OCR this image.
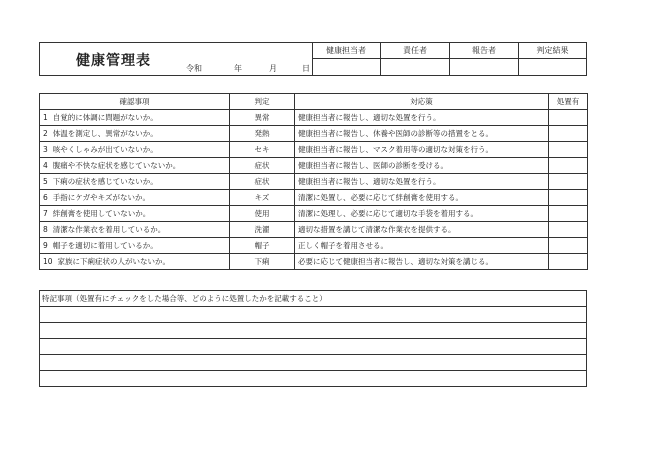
健康管理表	令和	年	月	日
健康担当者	責任者	報告者	判定結果
確認事項	判定	対応策	処置有
1 自覚的に体調に問題がないか。	異常	健康担当者に報告し、適切な処置を行う。	
2 体温を測定し、異常がないか。	発熱	健康担当者に報告し、休養や医師の診断等の措置をとる。	
3 咳やくしゃみが出ていないか。	セキ	健康担当者に報告し、マスク着用等の適切な対策を行う。	
4 腹痛や不快な症状を感じていないか。	症状	健康担当者に報告し、医師の診断を受ける。	
5 下痢の症状を感じていないか。	症状	健康担当者に報告し、適切な処置を行う。	
6 手指にケガやキズがないか。	キズ	清潔に処置し、必要に応じて絆創膏を使用する。	
7 絆創膏を使用していないか。	使用	清潔に処理し、必要に応じて適切な手袋を着用する。	
8 清潔な作業衣を着用しているか。	洗濯	適切な措置を講じて清潔な作業衣を提供する。	
9 帽子を適切に着用しているか。	帽子	正しく帽子を着用させる。	
10 家族に下痢症状の人がいないか。	下痢	必要に応じて健康担当者に報告し、適切な対策を講じる。	
特記事項（処置有にチェックをした場合等、どのように処置したかを記載すること）
